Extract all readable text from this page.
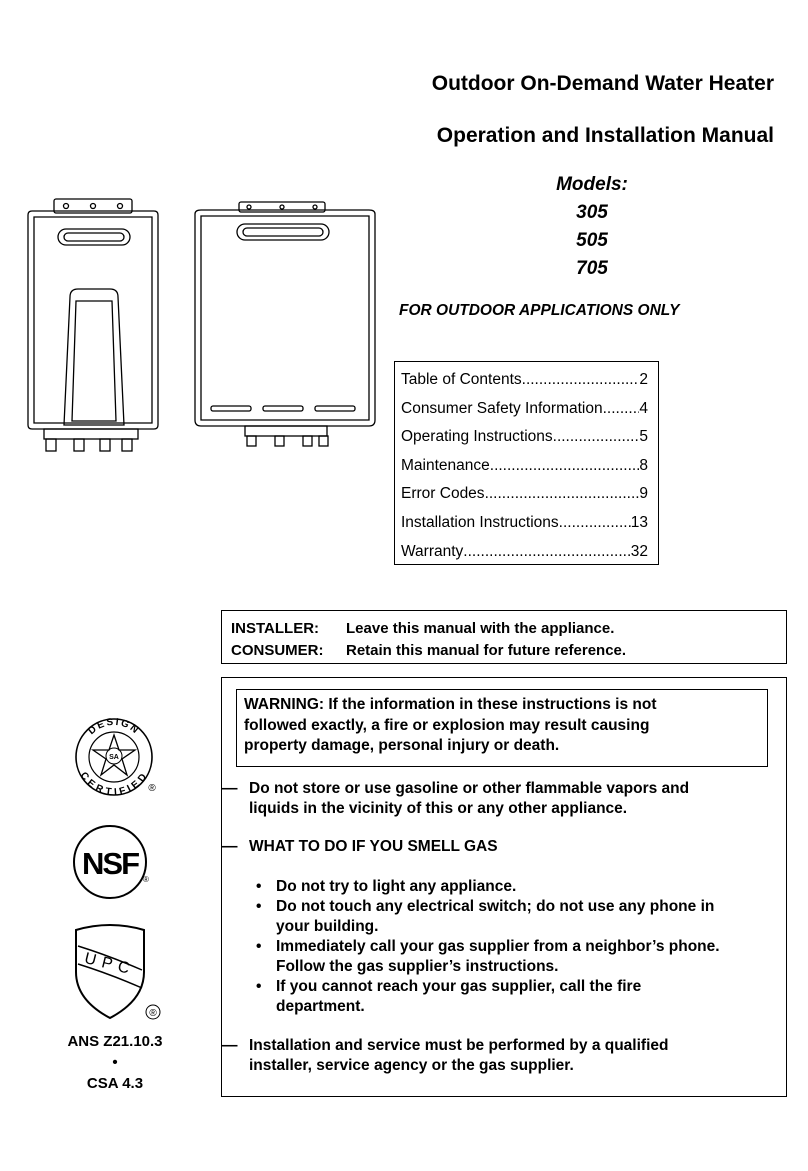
Outdoor On-Demand Water Heater
Operation and Installation Manual
Models:
305
505
705
FOR OUTDOOR APPLICATIONS ONLY
Table of Contents .....	2
Consumer Safety Information ..... 4
Operating Instructions .....	5
Maintenance .....	8
Error Codes .....	9
Installation Instructions .....	13
Warranty .....	32
INSTALLER:	Leave this manual with the appliance.
CONSUMER:	Retain this manual for future reference.
WARNING: If the information in these instructions is not
followed exactly, a fire or explosion may result causing
property damage, personal injury or death.
— Do not store or use gasoline or other flammable vapors and
liquids in the vicinity of this or any other appliance.
— WHAT TO DO IF YOU SMELL GAS
• Do not try to light any appliance.
• Do not touch any electrical switch; do not use any phone in
your building.
• Immediately call your gas supplier from a neighbor’s phone.
Follow the gas supplier’s instructions.
• If you cannot reach your gas supplier, call the fire
department.
— Installation and service must be performed by a qualified
installer, service agency or the gas supplier.
DESIGN
CERTIFIED
SA
®
NSF ®
UPC
®
ANS Z21.10.3
•
CSA 4.3
